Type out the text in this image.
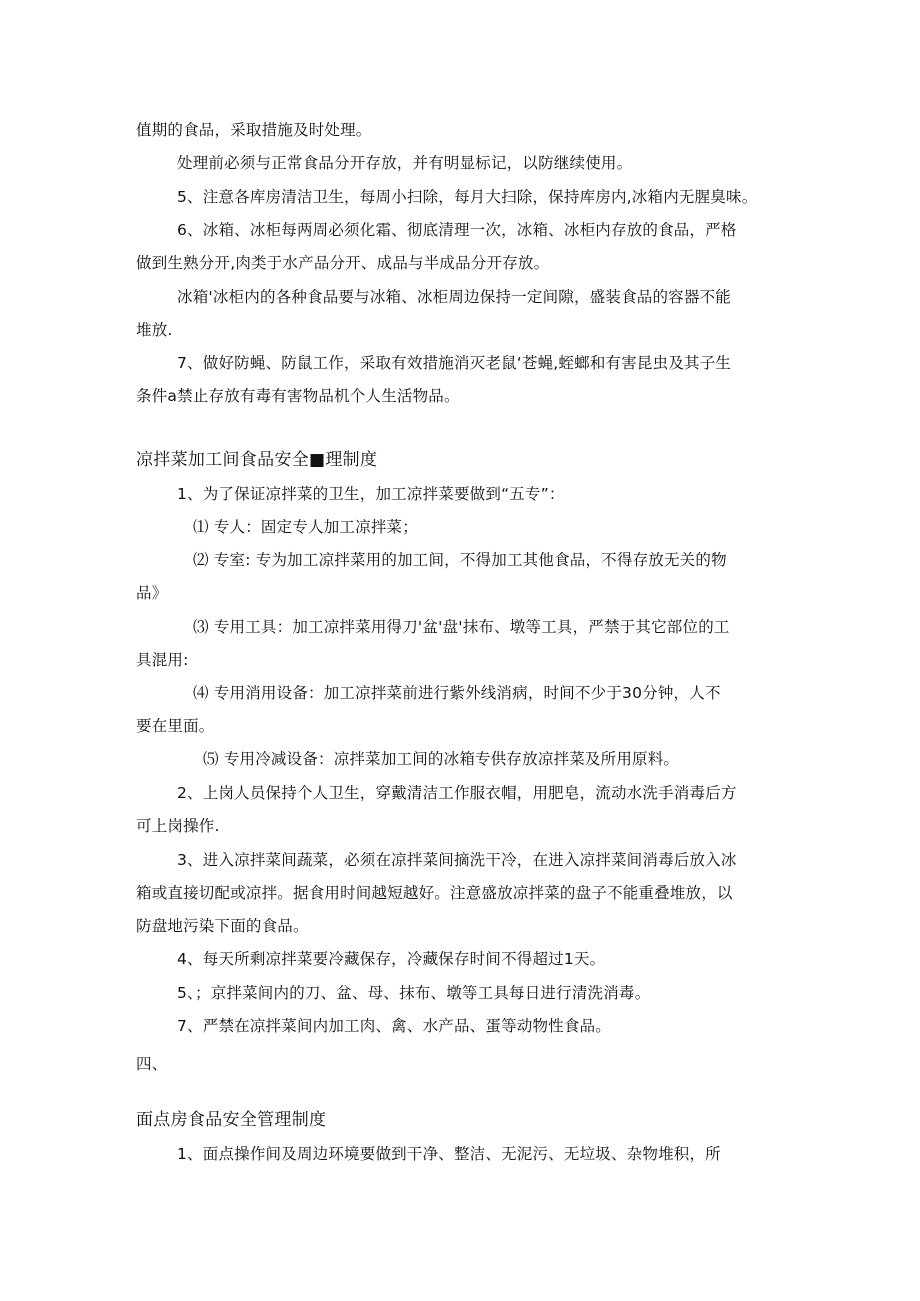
值期的食品，采取措施及时处理。
处理前必须与正常食品分开存放，并有明显标记，以防继续使用。
5、注意各库房清洁卫生，每周小扫除，每月大扫除，保持库房内,冰箱内无腥臭味。
6、冰箱、冰柜每两周必须化霜、彻底清理一次，冰箱、冰柜内存放的食品，严格
做到生熟分开,肉类于水产品分开、成品与半成品分开存放。
冰箱'冰柜内的各种食品要与冰箱、冰柜周边保持一定间隙，盛装食品的容器不能
堆放.
7、做好防蝇、防鼠工作，采取有效措施消灭老鼠‘苍蝇,蛭螂和有害昆虫及其子生
条件a禁止存放有毒有害物品机个人生活物品。
凉拌菜加工间食品安全■理制度
1、为了保证凉拌菜的卫生，加工凉拌菜要做到“五专”：
⑴ 专人：固定专人加工凉拌菜；
⑵ 专室: 专为加工凉拌菜用的加工间，不得加工其他食品，不得存放无关的物
品》
⑶ 专用工具：加工凉拌菜用得刀'盆'盘'抹布、墩等工具，严禁于其它部位的工
具混用:
⑷ 专用消用设备：加工凉拌菜前进行紫外线消病，时间不少于30分钟，人不
要在里面。
⑸ 专用冷减设备：凉拌菜加工间的冰箱专供存放凉拌菜及所用原料。
2、上岗人员保持个人卫生，穿戴清洁工作服衣帽，用肥皂，流动水洗手消毒后方
可上岗操作.
3、进入凉拌菜间蔬菜，必须在凉拌菜间摘洗干冷，在进入凉拌菜间消毒后放入冰
箱或直接切配或凉拌。据食用时间越短越好。注意盛放凉拌菜的盘子不能重叠堆放，以
防盘地污染下面的食品。
4、每天所剩凉拌菜要冷藏保存，冷藏保存时间不得超过1天。
5、；京拌菜间内的刀、盆、母、抹布、墩等工具每日进行清洗消毒。
7、严禁在凉拌菜间内加工肉、禽、水产品、蛋等动物性食品。
四、
面点房食品安全管理制度
1、面点操作间及周边环境要做到干净、整洁、无泥污、无垃圾、杂物堆积，所
